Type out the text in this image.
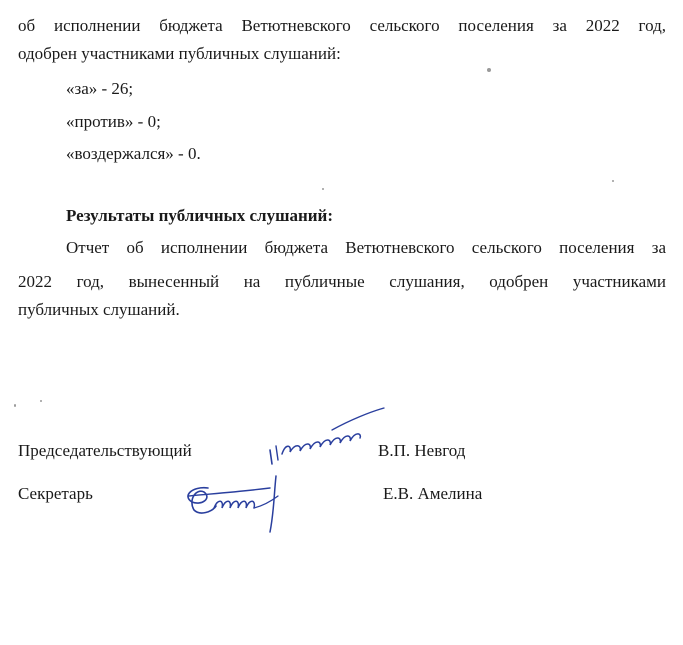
об исполнении бюджета Ветютневского сельского поселения за 2022 год,
одобрен участниками публичных слушаний:
«за» - 26;
«против» - 0;
«воздержался» - 0.
Результаты публичных слушаний:
Отчет об исполнении бюджета Ветютневского сельского поселения за
2022 год, вынесенный на публичные слушания, одобрен участниками
публичных слушаний.
Председательствующий	В.П. Невгод
Секретарь	Е.В. Амелина
